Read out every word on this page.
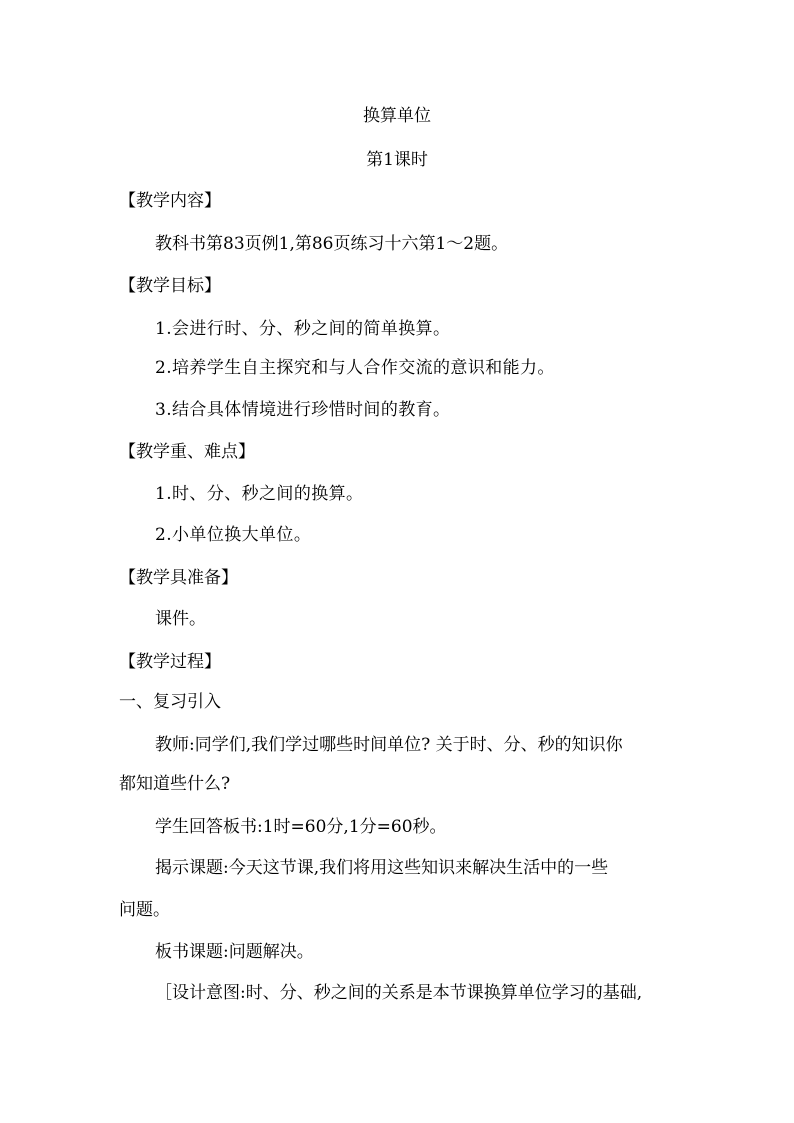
换算单位
第1课时
【教学内容】
教科书第83页例1,第86页练习十六第1～2题。
【教学目标】
1.会进行时、分、秒之间的简单换算。
2.培养学生自主探究和与人合作交流的意识和能力。
3.结合具体情境进行珍惜时间的教育。
【教学重、难点】
1.时、分、秒之间的换算。
2.小单位换大单位。
【教学具准备】
课件。
【教学过程】
一、复习引入
教师:同学们,我们学过哪些时间单位? 关于时、分、秒的知识你
都知道些什么?
学生回答板书:1时=60分,1分=60秒。
揭示课题:今天这节课,我们将用这些知识来解决生活中的一些
问题。
板书课题:问题解决。
［设计意图:时、分、秒之间的关系是本节课换算单位学习的基础,
